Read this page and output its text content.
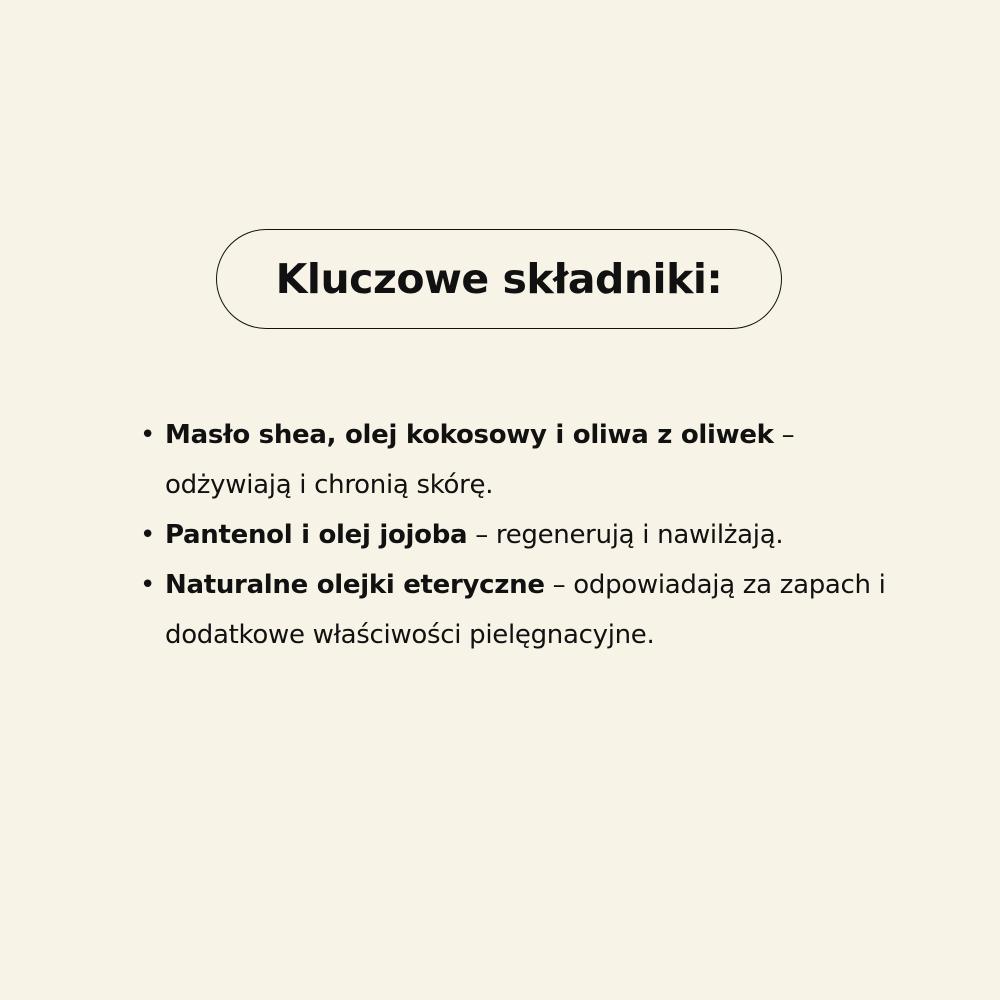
Kluczowe składniki:
• Masło shea, olej kokosowy i oliwa z oliwek – odżywiają i chronią skórę.
• Pantenol i olej jojoba – regenerują i nawilżają.
• Naturalne olejki eteryczne – odpowiadają za zapach i dodatkowe właściwości pielęgnacyjne.
